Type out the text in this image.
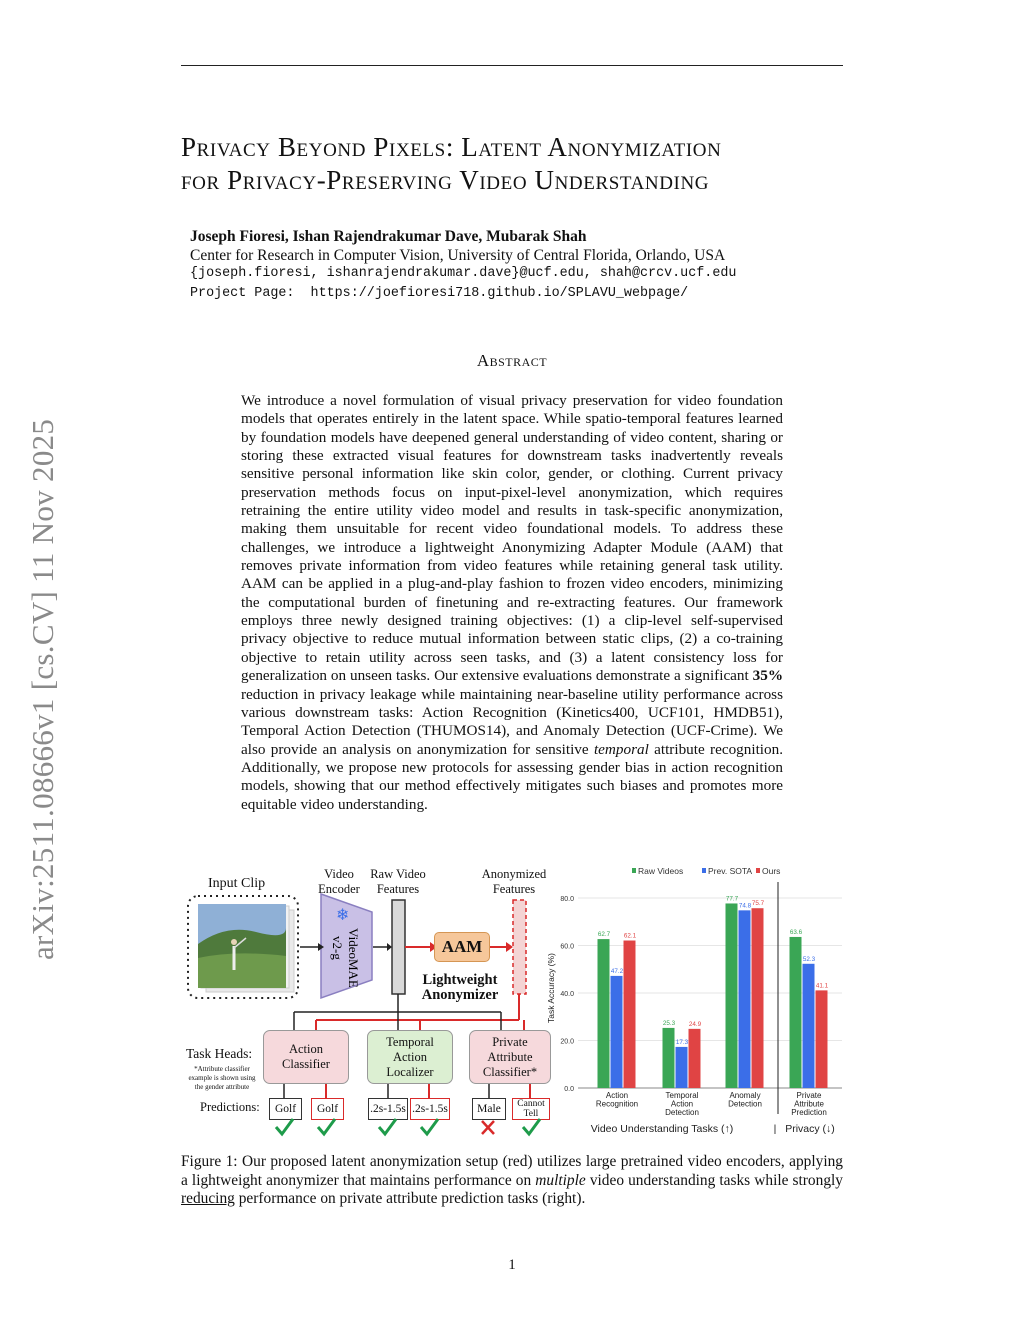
Privacy Beyond Pixels: Latent Anonymization
for Privacy-Preserving Video Understanding
Joseph Fioresi, Ishan Rajendrakumar Dave, Mubarak Shah
Center for Research in Computer Vision, University of Central Florida, Orlando, USA
{joseph.fioresi, ishanrajendrakumar.dave}@ucf.edu, shah@crcv.ucf.edu
Project Page:  https://joefioresi718.github.io/SPLAVU_webpage/
Abstract
We introduce a novel formulation of visual privacy preservation for video foundation models that operates entirely in the latent space. While spatio-temporal features learned by foundation models have deepened general understanding of video content, sharing or storing these extracted visual features for downstream tasks inadvertently reveals sensitive personal information like skin color, gender, or clothing. Current privacy preservation methods focus on input-pixel-level anonymization, which requires retraining the entire utility video model and results in task-specific anonymization, making them unsuitable for recent video foundational models. To address these challenges, we introduce a lightweight Anonymizing Adapter Module (AAM) that removes private information from video features while retaining general task utility. AAM can be applied in a plug-and-play fashion to frozen video encoders, minimizing the computational burden of finetuning and re-extracting features. Our framework employs three newly designed training objectives: (1) a clip-level self-supervised privacy objective to reduce mutual information between static clips, (2) a co-training objective to retain utility across seen tasks, and (3) a latent consistency loss for generalization on unseen tasks. Our extensive evaluations demonstrate a significant 35% reduction in privacy leakage while maintaining near-baseline utility performance across various downstream tasks: Action Recognition (Kinetics400, UCF101, HMDB51), Temporal Action Detection (THUMOS14), and Anomaly Detection (UCF-Crime). We also provide an analysis on anonymization for sensitive temporal attribute recognition. Additionally, we propose new protocols for assessing gender bias in action recognition models, showing that our method effectively mitigates such biases and promotes more equitable video understanding.
arXiv:2511.08666v1 [cs.CV] 11 Nov 2025	❄
VideoMAE
v2-g
Input Clip
Video
Encoder
Raw Video
Features
Anonymized
Features
AAM
Lightweight
Anonymizer
Task Heads:
*Attribute classifier
example is shown using
the gender attribute
Predictions:
Action
Classifier
Temporal
Action
Localizer
Private
Attribute
Classifier*
Golf	Golf	.2s-1.5s .2s-1.5s	Male	Cannot
Tell
Raw Videos	Prev. SOTA Ours
0.0
20.0
40.0
60.0
80.0
Task Accuracy (%)
62.7
47.2
62.1
Action
Recognition
25.3
17.3
24.9
Temporal
Action
Detection
77.7
74.8 75.7
Anomaly
Detection
63.6
52.3
41.1
Private
Attribute
Prediction
Video Understanding Tasks (↑)	| Privacy (↓)
Figure 1: Our proposed latent anonymization setup (red) utilizes large pretrained video encoders, applying a lightweight anonymizer that maintains performance on multiple video understanding tasks while strongly reducing performance on private attribute prediction tasks (right).
1
